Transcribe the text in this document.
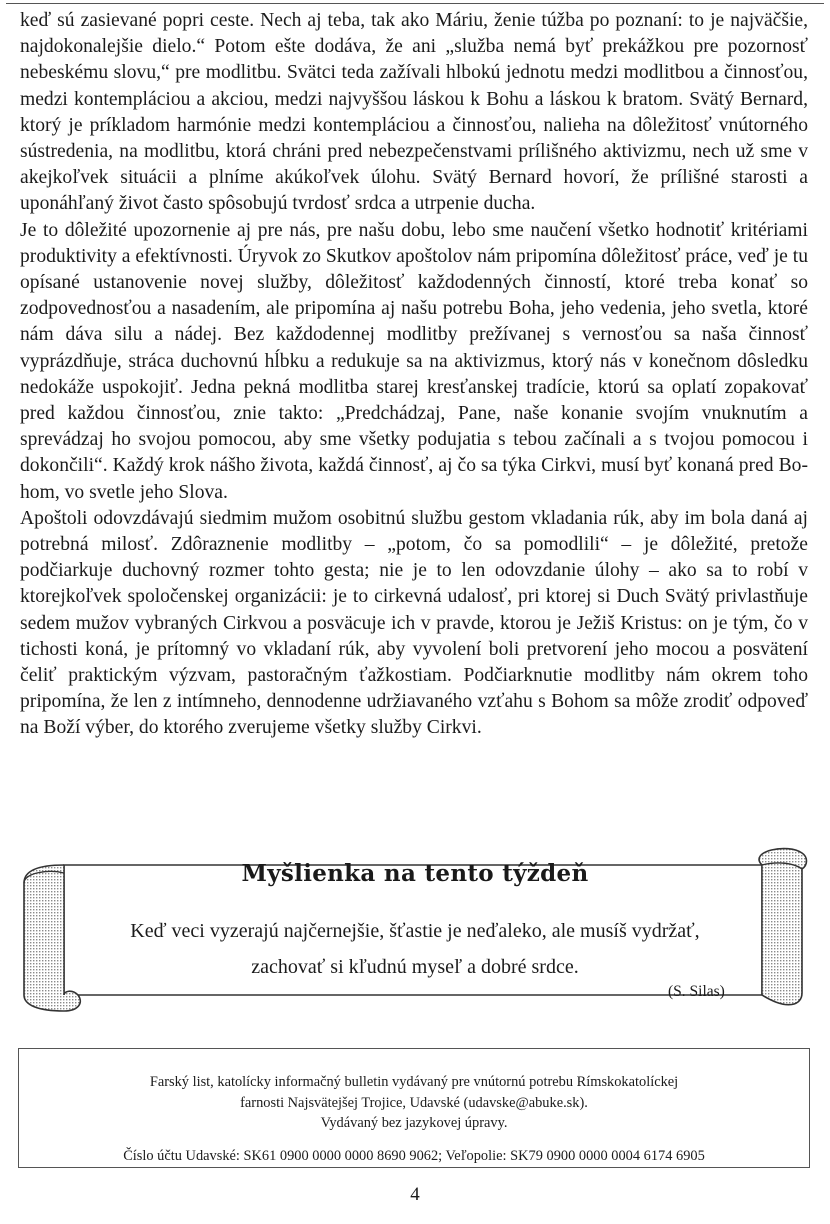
keď sú zasievané popri ceste. Nech aj teba, tak ako Máriu, ženie túžba po poznaní: to je najväčšie, najdokonalejšie dielo.“ Potom ešte dodáva, že ani „služba nemá byť prekážkou pre pozornosť nebeskému slovu,“ pre modlitbu. Svätci teda zažívali hlbokú jednotu medzi modlitbou a činnosťou, medzi kontempláciou a akciou, medzi najvyššou láskou k Bohu a láskou k bratom. Svätý Bernard, ktorý je príkladom harmónie medzi kontempláciou a činnosťou, nalieha na dôležitosť vnútorného sústredenia, na modlitbu, ktorá chráni pred nebezpečenstvami prílišného aktivizmu, nech už sme v akejkoľvek situácii a plníme akúkoľvek úlohu. Svätý Bernard hovorí, že prílišné starosti a uponáhľaný život často spôsobujú tvrdosť srdca a utrpenie ducha.

Je to dôležité upozornenie aj pre nás, pre našu dobu, lebo sme naučení všetko hodnotiť kritériami produktivity a efektívnosti. Úryvok zo Skutkov apoštolov nám pripomína dôležitosť práce, veď je tu opísané ustanovenie novej služby, dôležitosť každodenných činností, ktoré treba konať so zodpovednosťou a nasadením, ale pripomína aj našu potrebu Boha, jeho vedenia, jeho svetla, ktoré nám dáva silu a nádej. Bez každodennej modlitby prežívanej s vernosťou sa naša činnosť vyprázdňuje, stráca duchovnú hĺbku a redukuje sa na aktivizmus, ktorý nás v konečnom dôsledku nedokáže uspokojiť. Jedna pekná modlitba starej kresťanskej tradície, ktorú sa oplatí zopakovať pred každou činnosťou, znie takto: „Predchádzaj, Pane, naše konanie svojím vnuknutím a sprevádzaj ho svojou pomocou, aby sme všetky podujatia s tebou začínali a s tvojou pomocou i dokončili“. Každý krok nášho života, každá činnosť, aj čo sa týka Cirkvi, musí byť konaná pred Bohom, vo svetle jeho Slova.

Apoštoli odovzdávajú siedmim mužom osobitnú službu gestom vkladania rúk, aby im bola daná aj potrebná milosť. Zdôraznenie modlitby – „potom, čo sa pomodlili“ – je dôležité, pretože podčiarkuje duchovný rozmer tohto gesta; nie je to len odovzdanie úlohy – ako sa to robí v ktorejkoľvek spoločenskej organizácii: je to cirkevná udalosť, pri ktorej si Duch Svätý privlastňuje sedem mužov vybraných Cirkvou a posväcuje ich v pravde, ktorou je Ježiš Kristus: on je tým, čo v tichosti koná, je prítomný vo vkladaní rúk, aby vyvolení boli pretvorení jeho mocou a posvätení čeliť praktickým výzvam, pastoračným ťažkostiam. Podčiarknutie modlitby nám okrem toho pripomína, že len z intímneho, dennodenne udržiavaného vzťahu s Bohom sa môže zrodiť odpoveď na Boží výber, do ktorého zverujeme všetky služby Cirkvi.

Myšlienka na tento týždeň
Keď veci vyzerajú najčernejšie, šťastie je neďaleko, ale musíš vydržať,
zachovať si kľudnú myseľ a dobré srdce.
(S. Silas)
Farský list, katolícky informačný bulletin vydávaný pre vnútornú potrebu Rímskokatolíckej
farnosti Najsvätejšej Trojice, Udavské (udavske@abuke.sk).
Vydávaný bez jazykovej úpravy.
Číslo účtu Udavské: SK61 0900 0000 0000 8690 9062; Veľopolie: SK79 0900 0000 0004 6174 6905
4
